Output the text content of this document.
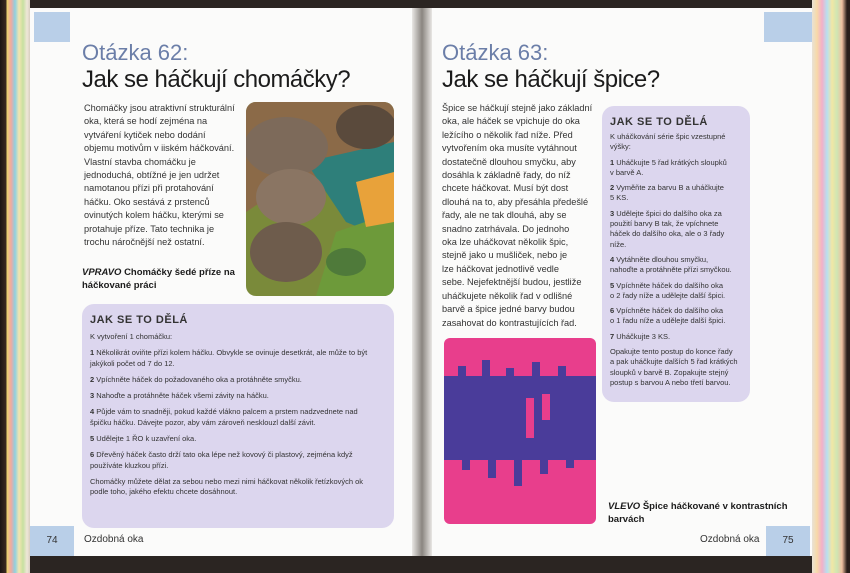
Otázka 62:
Jak se háčkují chomáčky?
Chomáčky jsou atraktivní strukturální
oka, která se hodí zejména na
vytváření kytiček nebo dodání
objemu motivům v iiském háčkování.
Vlastní stavba chomáčku je
jednoduchá, obtížné je jen udržet
namotanou přízi při protahování
háčku. Oko sestává z prstenců
ovinutých kolem háčku, kterými se
protahuje příze. Tato technika je
trochu náročnější než ostatní.
VPRAVO Chomáčky šedé příze na
háčkované práci
JAK SE TO DĚLÁ
K vytvoření 1 chomáčku:
1 Několikrát oviňte přízi kolem háčku. Obvykle se ovinuje desetkrát, ale může to být
jakýkoli počet od 7 do 12.
2 Vpíchněte háček do požadovaného oka a protáhněte smyčku.
3 Nahoďte a protáhněte háček všemi závity na háčku.
4 Půjde vám to snadněji, pokud každé vlákno palcem a prstem nadzvednete nad
špičku háčku. Dávejte pozor, aby vám zároveň nesklouzl další závit.
5 Udělejte 1 ŘO k uzavření oka.
6 Dřevěný háček často drží tato oka lépe než kovový či plastový, zejména když
používáte kluzkou přízi.
Chomáčky můžete dělat za sebou nebo mezi nimi háčkovat několik řetízkových ok
podle toho, jakého efektu chcete dosáhnout.
Otázka 63:
Jak se háčkují špice?
Špice se háčkují stejně jako základní
oka, ale háček se vpichuje do oka
ležícího o několik řad níže. Před
vytvořením oka musíte vytáhnout
dostatečně dlouhou smyčku, aby
dosáhla k základně řady, do níž
chcete háčkovat. Musí být dost
dlouhá na to, aby přesáhla předešlé
řady, ale ne tak dlouhá, aby se
snadno zatrhávala. Do jednoho
oka lze uháčkovat několik špic,
stejně jako u mušliček, nebo je
lze háčkovat jednotlivě vedle
sebe. Nejefektnější budou, jestliže
uháčkujete několik řad v odlišné
barvě a špice jedné barvy budou
zasahovat do kontrastujících řad.
JAK SE TO DĚLÁ
K uháčkování série špic vzestupné
výšky:
1 Uháčkujte 5 řad krátkých sloupků
v barvě A.
2 Vyměňte za barvu B a uháčkujte
5 KS.
3 Udělejte špici do dalšího oka za
použití barvy B tak, že vpíchnete
háček do dalšího oka, ale o 3 řady
níže.
4 Vytáhněte dlouhou smyčku,
nahoďte a protáhněte přízi smyčkou.
5 Vpíchněte háček do dalšího oka
o 2 řady níže a udělejte další špici.
6 Vpíchněte háček do dalšího oka
o 1 řadu níže a udělejte další špici.
7 Uháčkujte 3 KS.
Opakujte tento postup do konce řady
a pak uháčkujte dalších 5 řad krátkých
sloupků v barvě B. Zopakujte stejný
postup s barvou A nebo třetí barvou.
VLEVO Špice háčkované v kontrastních
barvách
74	Ozdobná oka	Ozdobná oka	75
